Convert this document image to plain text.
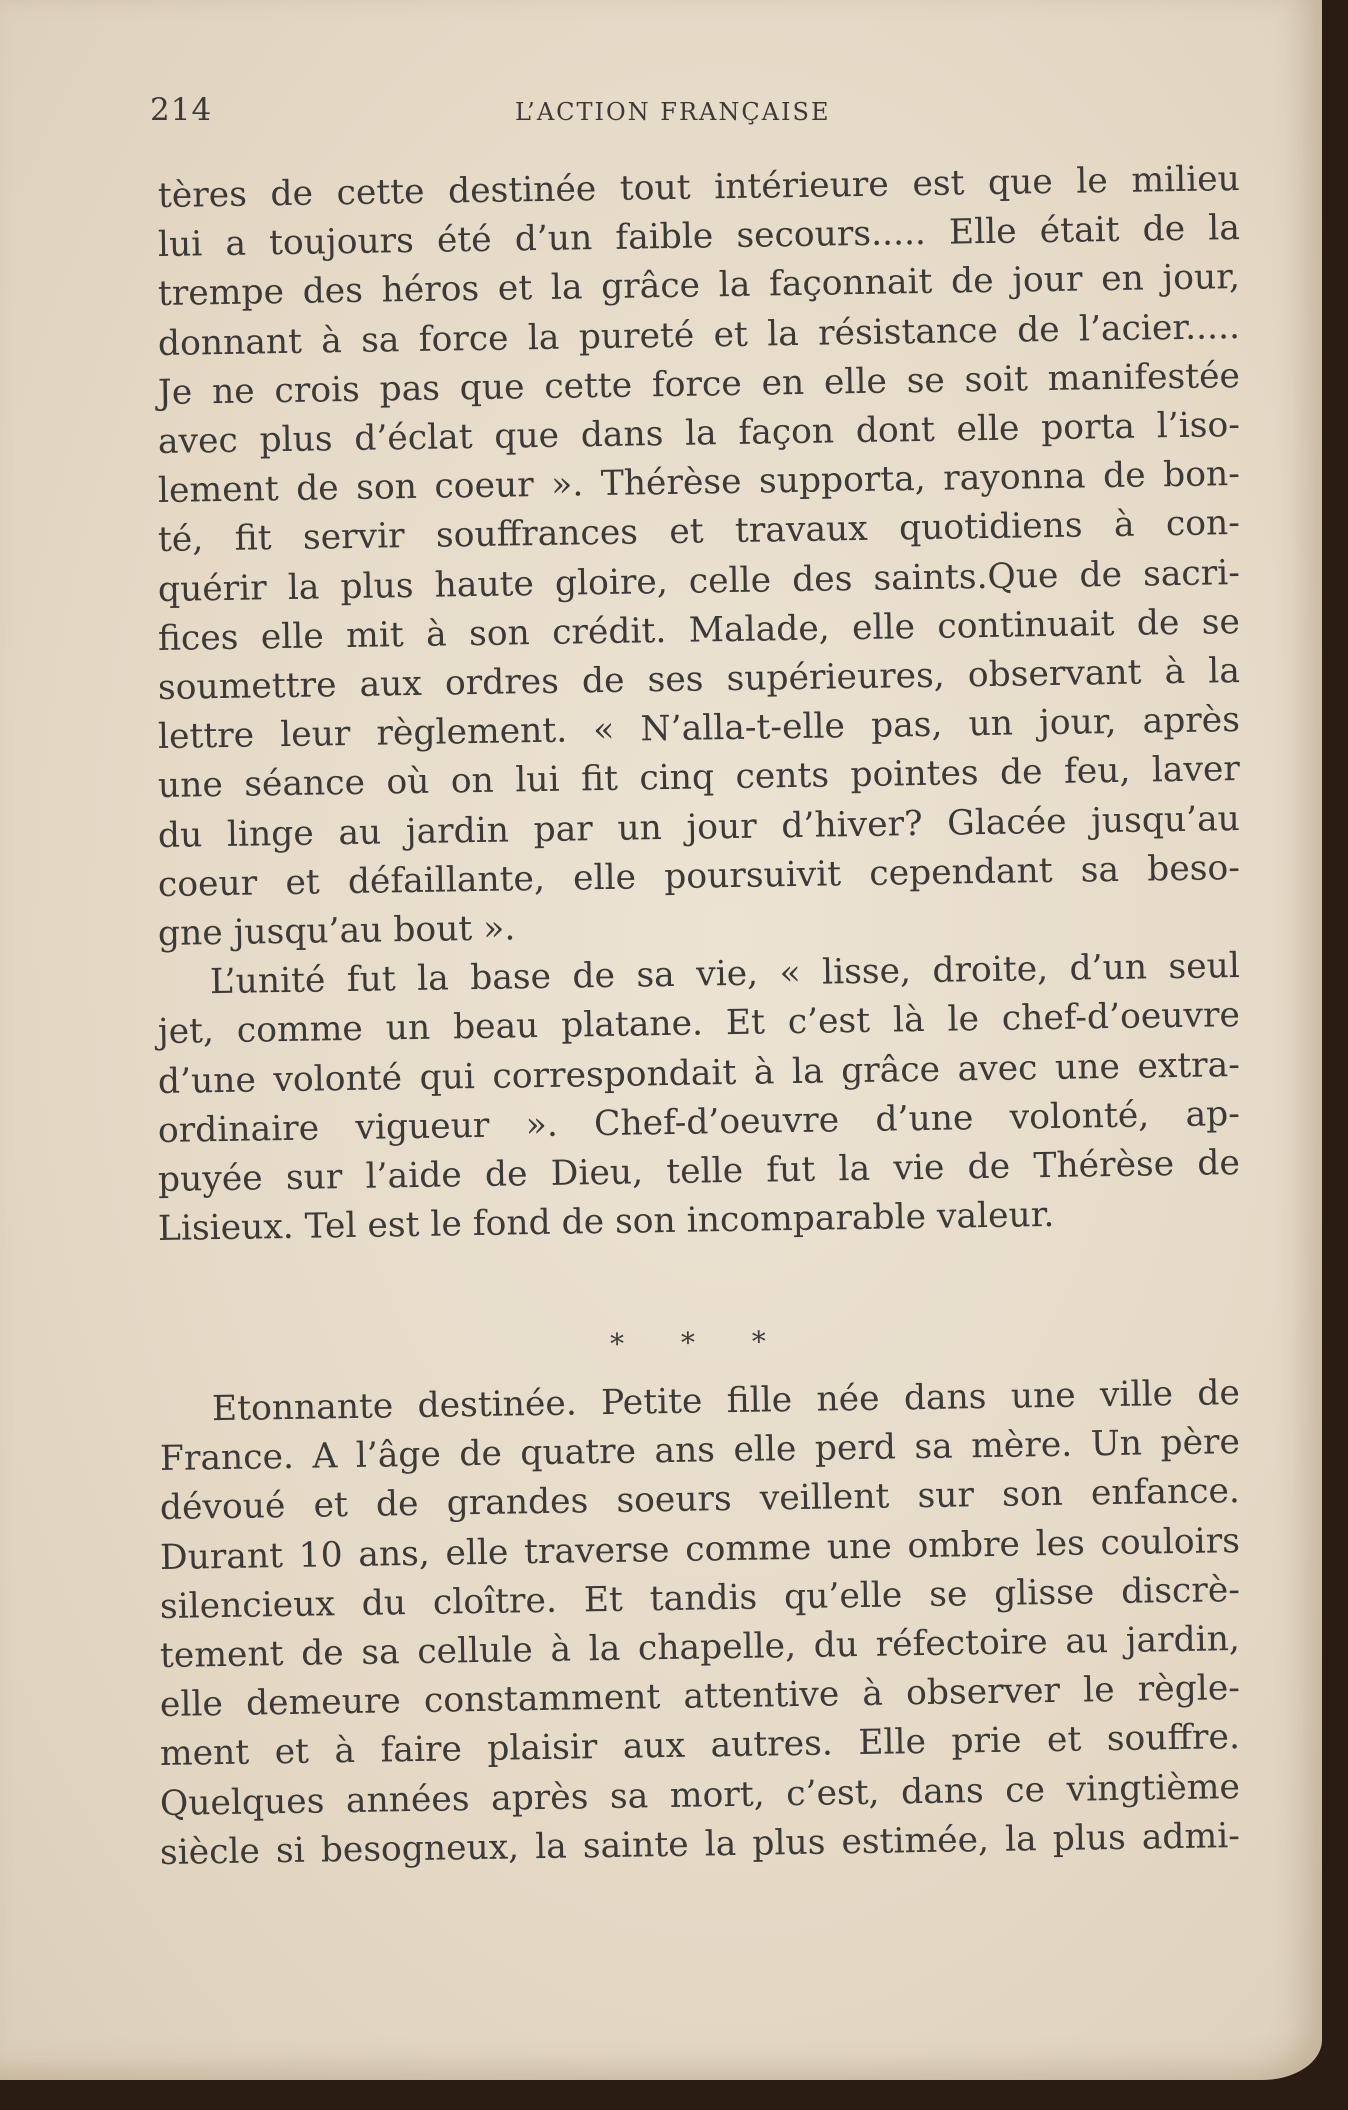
214	L’ACTION FRANÇAISE
tères de cette destinée tout intérieure est que le milieu
lui a toujours été d’un faible secours..... Elle était de la
trempe des héros et la grâce la façonnait de jour en jour,
donnant à sa force la pureté et la résistance de l’acier.....
Je ne crois pas que cette force en elle se soit manifestée
avec plus d’éclat que dans la façon dont elle porta l’iso-
lement de son coeur ». Thérèse supporta, rayonna de bon-
té, fit servir souffrances et travaux quotidiens à con-
quérir la plus haute gloire, celle des saints.Que de sacri-
fices elle mit à son crédit. Malade, elle continuait de se
soumettre aux ordres de ses supérieures, observant à la
lettre leur règlement. « N’alla-t-elle pas, un jour, après
une séance où on lui fit cinq cents pointes de feu, laver
du linge au jardin par un jour d’hiver? Glacée jusqu’au
coeur et défaillante, elle poursuivit cependant sa beso-
gne jusqu’au bout ».
L’unité fut la base de sa vie, « lisse, droite, d’un seul
jet, comme un beau platane. Et c’est là le chef-d’oeuvre
d’une volonté qui correspondait à la grâce avec une extra-
ordinaire vigueur ». Chef-d’oeuvre d’une volonté, ap-
puyée sur l’aide de Dieu, telle fut la vie de Thérèse de
Lisieux. Tel est le fond de son incomparable valeur.
* * *
Etonnante destinée. Petite fille née dans une ville de
France. A l’âge de quatre ans elle perd sa mère. Un père
dévoué et de grandes soeurs veillent sur son enfance.
Durant 10 ans, elle traverse comme une ombre les couloirs
silencieux du cloître. Et tandis qu’elle se glisse discrè-
tement de sa cellule à la chapelle, du réfectoire au jardin,
elle demeure constamment attentive à observer le règle-
ment et à faire plaisir aux autres. Elle prie et souffre.
Quelques années après sa mort, c’est, dans ce vingtième
siècle si besogneux, la sainte la plus estimée, la plus admi-
